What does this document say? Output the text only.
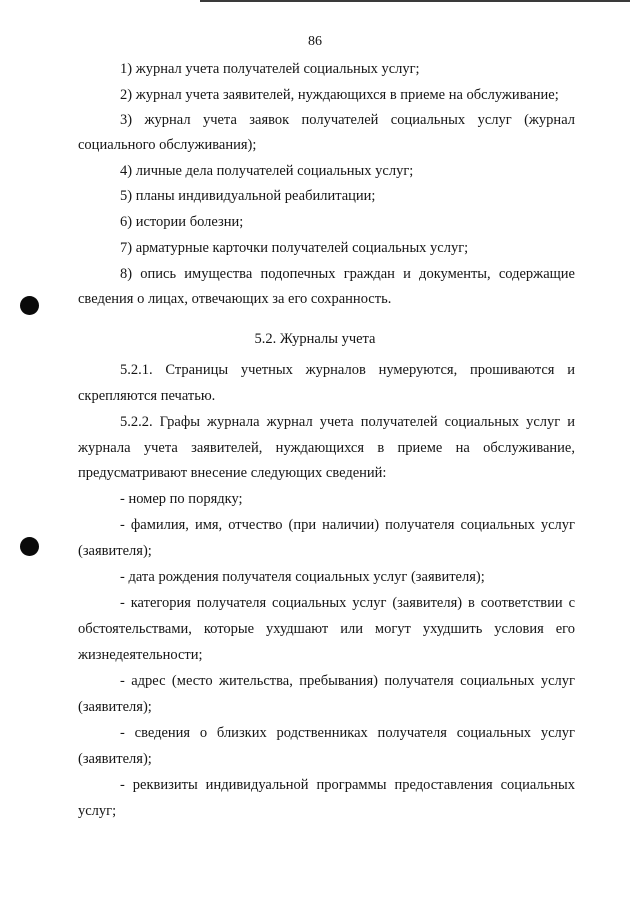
86

1) журнал учета получателей социальных услуг;

2) журнал учета заявителей, нуждающихся в приеме на обслуживание;

3) журнал учета заявок получателей социальных услуг (журнал

социального обслуживания);

4) личные дела получателей социальных услуг;

5) планы индивидуальной реабилитации;

6) истории болезни;

7) арматурные карточки получателей социальных услуг;

8) опись имущества подопечных граждан и документы, содержащие

сведения о лицах, отвечающих за его сохранность.

5.2. Журналы учета

5.2.1. Страницы учетных журналов нумеруются, прошиваются и

скрепляются печатью.

5.2.2. Графы журнала журнал учета получателей социальных услуг и

журнала учета заявителей, нуждающихся в приеме на обслуживание,

предусматривают внесение следующих сведений:

- номер по порядку;

- фамилия, имя, отчество (при наличии) получателя социальных услуг

(заявителя);

- дата рождения получателя социальных услуг (заявителя);

- категория получателя социальных услуг (заявителя) в соответствии с

обстоятельствами, которые ухудшают или могут ухудшить условия его

жизнедеятельности;

- адрес (место жительства, пребывания) получателя социальных услуг

(заявителя);

- сведения о близких родственниках получателя социальных услуг

(заявителя);

- реквизиты индивидуальной программы предоставления социальных

услуг;
